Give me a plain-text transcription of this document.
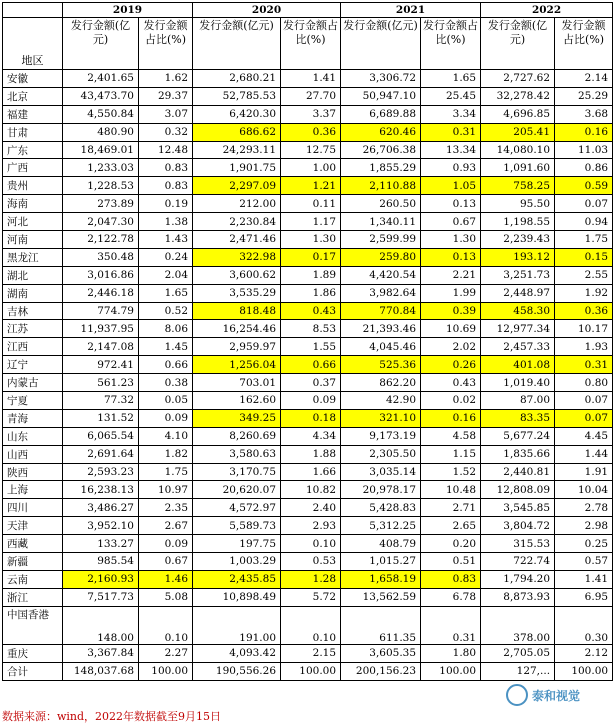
	2019		2020		2021		2022	
地区	发行金额(亿元)	发行金额占比(%)	发行金额(亿元)	发行金额占比(%)	发行金额(亿元)	发行金额占比(%)	发行金额(亿元)	发行金额占比(%)
安徽	2,401.65	1.62	2,680.21	1.41	3,306.72	1.65	2,727.62	2.14
北京	43,473.70	29.37	52,785.53	27.70	50,947.10	25.45	32,278.42	25.29
福建	4,550.84	3.07	6,420.30	3.37	6,689.88	3.34	4,696.85	3.68
甘肃	480.90	0.32	686.62	0.36	620.46	0.31	205.41	0.16
广东	18,469.01	12.48	24,293.11	12.75	26,706.38	13.34	14,080.10	11.03
广西	1,233.03	0.83	1,901.75	1.00	1,855.29	0.93	1,091.60	0.86
贵州	1,228.53	0.83	2,297.09	1.21	2,110.88	1.05	758.25	0.59
海南	273.89	0.19	212.00	0.11	260.50	0.13	95.50	0.07
河北	2,047.30	1.38	2,230.84	1.17	1,340.11	0.67	1,198.55	0.94
河南	2,122.78	1.43	2,471.46	1.30	2,599.99	1.30	2,239.43	1.75
黑龙江	350.48	0.24	322.98	0.17	259.80	0.13	193.12	0.15
湖北	3,016.86	2.04	3,600.62	1.89	4,420.54	2.21	3,251.73	2.55
湖南	2,446.18	1.65	3,535.29	1.86	3,982.64	1.99	2,448.97	1.92
吉林	774.79	0.52	818.48	0.43	770.84	0.39	458.30	0.36
江苏	11,937.95	8.06	16,254.46	8.53	21,393.46	10.69	12,977.34	10.17
江西	2,147.08	1.45	2,959.97	1.55	4,045.46	2.02	2,457.33	1.93
辽宁	972.41	0.66	1,256.04	0.66	525.36	0.26	401.08	0.31
内蒙古	561.23	0.38	703.01	0.37	862.20	0.43	1,019.40	0.80
宁夏	77.32	0.05	162.60	0.09	42.90	0.02	87.00	0.07
青海	131.52	0.09	349.25	0.18	321.10	0.16	83.35	0.07
山东	6,065.54	4.10	8,260.69	4.34	9,173.19	4.58	5,677.24	4.45
山西	2,691.64	1.82	3,580.63	1.88	2,305.50	1.15	1,835.66	1.44
陕西	2,593.23	1.75	3,170.75	1.66	3,035.14	1.52	2,440.81	1.91
上海	16,238.13	10.97	20,620.07	10.82	20,978.17	10.48	12,808.09	10.04
四川	3,486.27	2.35	4,572.97	2.40	5,428.83	2.71	3,545.85	2.78
天津	3,952.10	2.67	5,589.73	2.93	5,312.25	2.65	3,804.72	2.98
西藏	133.27	0.09	197.75	0.10	408.79	0.20	315.53	0.25
新疆	985.54	0.67	1,003.29	0.53	1,015.27	0.51	722.74	0.57
云南	2,160.93	1.46	2,435.85	1.28	1,658.19	0.83	1,794.20	1.41
浙江	7,517.73	5.08	10,898.49	5.72	13,562.59	6.78	8,873.93	6.95
中国香港	148.00	0.10	191.00	0.10	611.35	0.31	378.00	0.30
重庆	3,367.84	2.27	4,093.42	2.15	3,605.35	1.80	2,705.05	2.12
合计	148,037.68	100.00	190,556.26	100.00	200,156.23	100.00	127,...	100.00
数据来源：wind，2022年数据截至9月15日
泰和视觉
